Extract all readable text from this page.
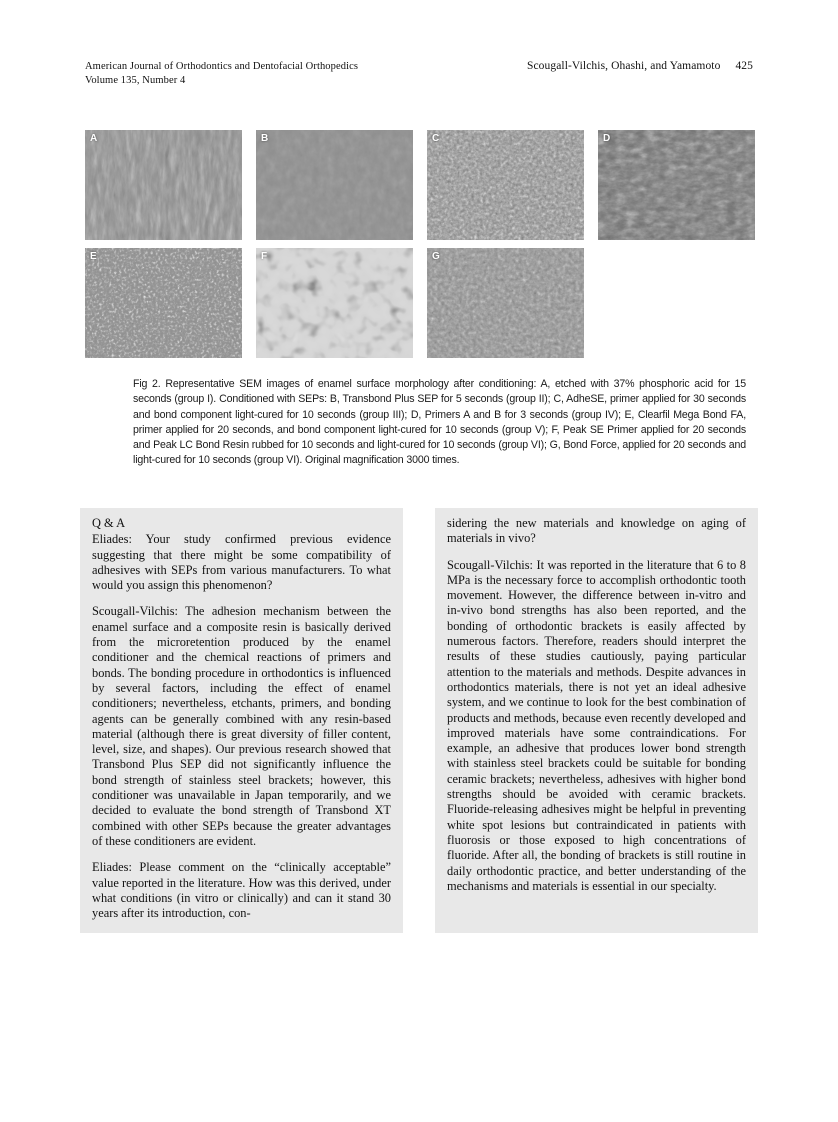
American Journal of Orthodontics and Dentofacial Orthopedics
Volume 135, Number 4
Scougall-Vilchis, Ohashi, and Yamamoto 425
A	B	C	D
E	F	G
Fig 2. Representative SEM images of enamel surface morphology after conditioning: A, etched with 37% phosphoric acid for 15 seconds (group I). Conditioned with SEPs: B, Transbond Plus SEP for 5 seconds (group II); C, AdheSE, primer applied for 30 seconds and bond component light-cured for 10 seconds (group III); D, Primers A and B for 3 seconds (group IV); E, Clearfil Mega Bond FA, primer applied for 20 seconds, and bond component light-cured for 10 seconds (group V); F, Peak SE Primer applied for 20 seconds and Peak LC Bond Resin rubbed for 10 seconds and light-cured for 10 seconds (group VI); G, Bond Force, applied for 20 seconds and light-cured for 10 seconds (group VI). Original magnification 3000 times.

Q & A

Eliades: Your study confirmed previous evidence suggesting that there might be some compatibility of adhesives with SEPs from various manufacturers. To what would you assign this phenomenon?

Scougall-Vilchis: The adhesion mechanism between the enamel surface and a composite resin is basically derived from the microretention produced by the enamel conditioner and the chemical reactions of primers and bonds. The bonding procedure in orthodontics is influenced by several factors, including the effect of enamel conditioners; nevertheless, etchants, primers, and bonding agents can be generally combined with any resin-based material (although there is great diversity of filler content, level, size, and shapes). Our previous research showed that Transbond Plus SEP did not significantly influence the bond strength of stainless steel brackets; however, this conditioner was unavailable in Japan temporarily, and we decided to evaluate the bond strength of Transbond XT combined with other SEPs because the greater advantages of these conditioners are evident.

Eliades: Please comment on the “clinically acceptable” value reported in the literature. How was this derived, under what conditions (in vitro or clinically) and can it stand 30 years after its introduction, con-

sidering the new materials and knowledge on aging of materials in vivo?

Scougall-Vilchis: It was reported in the literature that 6 to 8 MPa is the necessary force to accomplish orthodontic tooth movement. However, the difference between in-vitro and in-vivo bond strengths has also been reported, and the bonding of orthodontic brackets is easily affected by numerous factors. Therefore, readers should interpret the results of these studies cautiously, paying particular attention to the materials and methods. Despite advances in orthodontics materials, there is not yet an ideal adhesive system, and we continue to look for the best combination of products and methods, because even recently developed and improved materials have some contraindications. For example, an adhesive that produces lower bond strength with stainless steel brackets could be suitable for bonding ceramic brackets; nevertheless, adhesives with higher bond strengths should be avoided with ceramic brackets. Fluoride-releasing adhesives might be helpful in preventing white spot lesions but contraindicated in patients with fluorosis or those exposed to high concentrations of fluoride. After all, the bonding of brackets is still routine in daily orthodontic practice, and better understanding of the mechanisms and materials is essential in our specialty.
